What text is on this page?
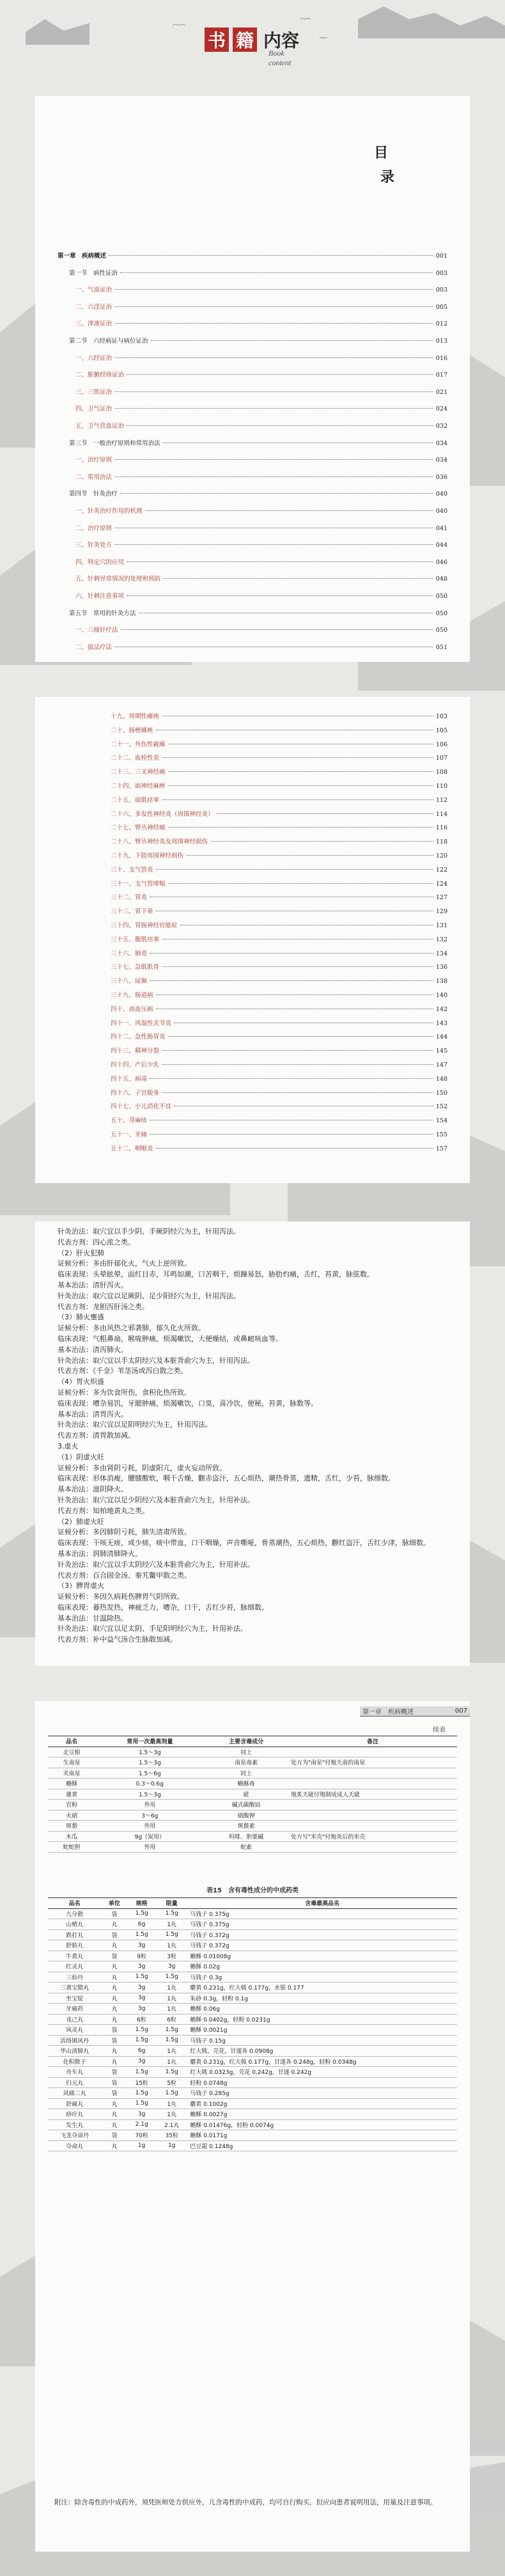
书 籍 内容
Book content
目
录
第一章　疾病概述	001
第一节　病性证治	003
一、气血证治	003
二、六淫证治	005
三、津液证治	012
第二节　六经病证与病位证治	013
一、六经证治	016
二、脏腑经络证治	017
三、三焦证治	021
四、卫气证治	024
五、卫气营血证治	032
第三节　一般治疗原则和常用治法	034
一、治疗原则	034
二、常用治法	036
第四节　针灸治疗	040
一、针灸治疗作用的机理	040
二、治疗原则	041
三、针灸处方	044
四、特定穴的应用	046
五、针刺异常情况的处理和预防	048
六、针刺注意事项	050
第五节　常用的针灸方法	050
一、三棱针疗法	050
二、拔法疗法	051
十九、周期性瘫痪	103
二十、肠梗瘫痪	105
二十一、外伤性截瘫	106
二十二、血栓性炎	107
二十三、三叉神经痛	108
二十四、面神经麻痹	110
二十五、面肌痉挛	112
二十六、多发性神经炎（周围神经炎）	114
二十七、臂丛神经痛	116
二十八、臂丛神经炎及周围神经损伤	118
二十九、下肢周围神经损伤	120
三十、支气管炎	122
三十一、支气管哮喘	124
三十二、胃炎	127
三十三、胃下垂	129
三十四、胃肠神经官能症	131
三十五、腹肌痉挛	132
三十六、肺炎	134
三十七、急肌肌骨	136
三十八、尿频	138
三十九、肠道病	140
四十、高血压病	142
四十一、风湿性关节炎	143
四十二、急性肠胃炎	144
四十三、精神分裂	145
四十四、产后少乳	147
四十五、病毒	148
四十六、子宫脱垂	150
四十七、小儿消化不良	152
五十、荨麻疹	154
五十一、牙痛	155
五十二、咽喉炎	157

针灸治法：取穴宜以手少阴、手厥阴经穴为主，针用泻法。

代表方剂：四心浓之类。

（2）肝火犯肺

证候分析：多由肝郁化火，气火上逆所致。

临床表现：头晕眩晕，面红目赤，耳鸣如潮，口苦咽干，烦躁易怒，胁肋灼痛，舌红，苔黄，脉弦数。

基本治法：清肝泻火。

针灸治法：取穴宜以足厥阴、足少阳经穴为主，针用泻法。

代表方剂：龙胆泻肝汤之类。

（3）肺火壅盛

证候分析：多由风热之邪袭肺，郁久化火所致。

临床表现：气粗鼻扇，喉咙肿痛，烦渴嗽饮，大便燥结，或鼻衄咳血等。

基本治法：清泻肺火。

针灸治法：取穴宜以手太阴经穴及本脏背俞穴为主，针用泻法。

代表方剂：《千金》苇茎汤或泻白散之类。

（4）胃火炽盛

证候分析：多为饮食所伤，食积化热所致。

临床表现：嘈杂易饥，牙龈肿痛，烦渴嗽饮，口臭，喜冷饮，便秘，苔黄，脉数等。

基本治法：清胃泻火。

针灸治法：取穴宜以足阳明经穴为主，针用泻法。

代表方剂：清胃散加减。

3.虚火

（1）阴虚火旺

证候分析：多由肾阴亏耗，阴虚阳亢，虚火妄动所致。

临床表现：形体消瘦，腰膝酸软，咽干舌燥，颧赤盗汗，五心烦热，潮热骨蒸，遗精，舌红，少苔，脉细数。

基本治法：滋阴降火。

针灸治法：取穴宜以足少阴经穴及本脏背俞穴为主，针用补法。

代表方剂：知柏地黄丸之类。

（2）肺虚火旺

证候分析：多因肺阴亏耗，肺失清肃所致。

临床表现：干咳无痰，或少痰，痰中带血，口干咽燥，声音嘶哑，骨蒸潮热，五心烦热，颧红盗汗，舌红少津，脉细数。

基本治法：润肺清肺降火。

针灸治法：取穴宜以手太阴经穴及本脏背俞穴为主，针用补法。

代表方剂：百合固金汤、秦艽鳖甲散之类。

（3）脾胃虚火

证候分析：多因久病耗伤脾胃气阴所致。

临床表现：暮热发热，神疲乏力，嘈杂，口干，舌红少苔，脉细数。

基本治法：甘温除热。

针灸治法：取穴宜以足太阴、手足阳明经穴为主，针用补法。

代表方剂：补中益气汤合生脉散加减。

第一章　疾病概述	007
续表
品名	常用一次最高剂量	主要含毒成分	备注
北豆根	1.5～3g	同上	
生南星	1.5～3g	南星毒素	处方为"南星"付炮天南的南星
夹南星	1.5～6g	同上	
蟾酥	0.3～0.6g	蟾酥毒	
雄黄	1.5～3g	砒	炮炙天砒付炮制成成人天砒
官粉	外用	碱式碳酸铅	
火硝	3～6g	硝酸钾	
斑蝥	外用	斑蝥素	
木瓜	9g（炭用）	吗啡、胆粟碱	处方写"米壳"付炮灸后的米壳
蛇蛇胆	外用	蛇素	
表15　含有毒性成分的中成药类
品名	单位	规格	限量	含毒最高品名
九分散	袋	1.5g	1.5g	马钱子 0.375g
山楂丸	丸	6g	1丸	马钱子 0.375g
跌打丸	袋	1.5g	1.5g	马钱子 0.372g
舒筋丸	丸	3g	1丸	马钱子 0.372g
牛黄丸	袋	9粒	3粒	蟾酥 0.01008g
红灵丸	丸	3g	3g	蟾酥 0.02g
三仙丹	丸	1.5g	1.5g	马钱子 0.3g
三黄宝腊丸	丸	3g	1丸	麝黄 0.231g，红大戟 0.177g，水银 0.177
至宝锭	丸	3g	1丸	朱砂 0.3g，轻粉 0.1g
牙痛药	丸	3g	1丸	蟾酥 0.06g
戎己丸	丸	6粒	6粒	蟾酥 0.0402g，轻粉 0.0231g
风灵丸	袋	1.5g	1.5g	蟾酥 0.0021g
活络镇风丹	袋	1.5g	1.5g	马钱子 0.15g
华山清肺丸	丸	6g	1丸	红大戟、芫花，甘遂各 0.0908g
化积散子	丸	3g	1丸	麝黄 0.231g，红大戟 0.177g，甘遂各 0.248g，轻粉 0.0348g
舟车丸	袋	1.5g	1.5g	红大戟 0.0323g，芫花 0.242g，甘遂 0.242g
归元丸	袋	15粒	5粒	轻粉 0.0748g
风痛二丸	袋	1.5g	1.5g	马钱子 0.285g
舒痛丸	丸	1.5g	1丸	麝黄 0.1002g
痧疗丸	丸	3g	1丸	蟾酥 0.0027g
发生丸	丸	2.1g	2.1丸	蟾酥 0.01476g，轻粉 0.0074g
飞龙夺命丹	袋	70粒	35粒	蟾酥 0.0171g
夺命丸	丸	1g	1g	巴豆霜 0.1248g
附注：除含毒性的中成药外，须凭医师处方供应外，儿含毒性的中成药，均可自行购买，但应向患者说明用法，用量及注意事项。
